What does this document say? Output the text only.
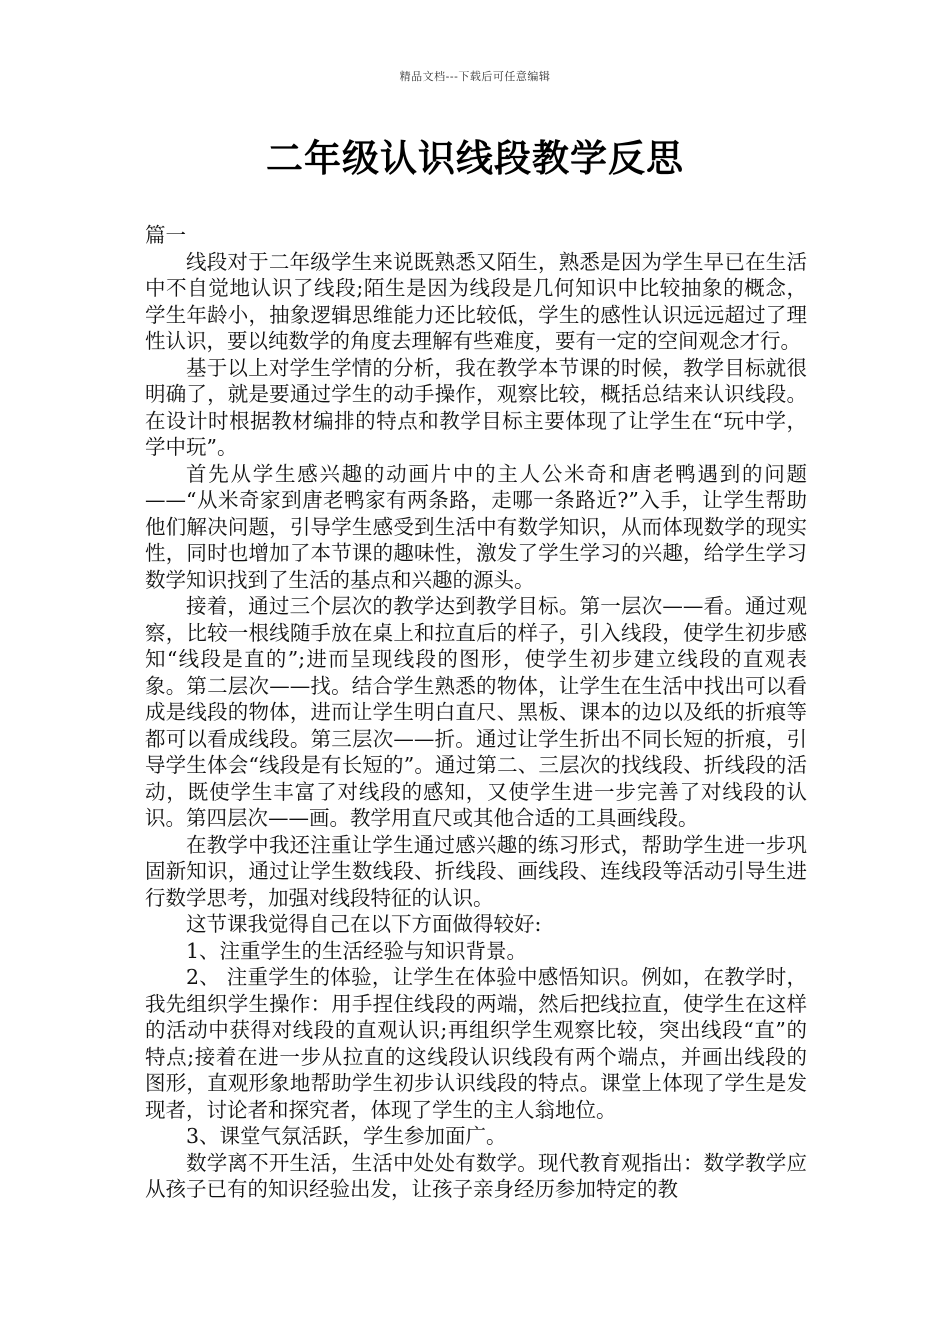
精品文档---下载后可任意编辑
二年级认识线段教学反思

篇一

线段对于二年级学生来说既熟悉又陌生，熟悉是因为学生早已在生活中不自觉地认识了线段;陌生是因为线段是几何知识中比较抽象的概念，学生年龄小，抽象逻辑思维能力还比较低，学生的感性认识远远超过了理性认识，要以纯数学的角度去理解有些难度，要有一定的空间观念才行。

基于以上对学生学情的分析，我在教学本节课的时候，教学目标就很明确了，就是要通过学生的动手操作，观察比较，概括总结来认识线段。在设计时根据教材编排的特点和教学目标主要体现了让学生在“玩中学，学中玩”。

首先从学生感兴趣的动画片中的主人公米奇和唐老鸭遇到的问题——“从米奇家到唐老鸭家有两条路，走哪一条路近?”入手，让学生帮助他们解决问题，引导学生感受到生活中有数学知识，从而体现数学的现实性，同时也增加了本节课的趣味性，激发了学生学习的兴趣，给学生学习数学知识找到了生活的基点和兴趣的源头。

接着，通过三个层次的教学达到教学目标。第一层次——看。通过观察，比较一根线随手放在桌上和拉直后的样子，引入线段，使学生初步感知“线段是直的”;进而呈现线段的图形，使学生初步建立线段的直观表象。第二层次——找。结合学生熟悉的物体，让学生在生活中找出可以看成是线段的物体，进而让学生明白直尺、黑板、课本的边以及纸的折痕等都可以看成线段。第三层次——折。通过让学生折出不同长短的折痕，引导学生体会“线段是有长短的”。通过第二、三层次的找线段、折线段的活动，既使学生丰富了对线段的感知，又使学生进一步完善了对线段的认识。第四层次——画。教学用直尺或其他合适的工具画线段。

在教学中我还注重让学生通过感兴趣的练习形式，帮助学生进一步巩固新知识，通过让学生数线段、折线段、画线段、连线段等活动引导生进行数学思考，加强对线段特征的认识。

这节课我觉得自己在以下方面做得较好:

1、注重学生的生活经验与知识背景。

2、 注重学生的体验，让学生在体验中感悟知识。例如，在教学时，我先组织学生操作：用手捏住线段的两端，然后把线拉直，使学生在这样的活动中获得对线段的直观认识;再组织学生观察比较，突出线段“直”的特点;接着在进一步从拉直的这线段认识线段有两个端点，并画出线段的图形，直观形象地帮助学生初步认识线段的特点。课堂上体现了学生是发现者，讨论者和探究者，体现了学生的主人翁地位。

3、课堂气氛活跃，学生参加面广。

数学离不开生活，生活中处处有数学。现代教育观指出：数学教学应从孩子已有的知识经验出发，让孩子亲身经历参加特定的教
